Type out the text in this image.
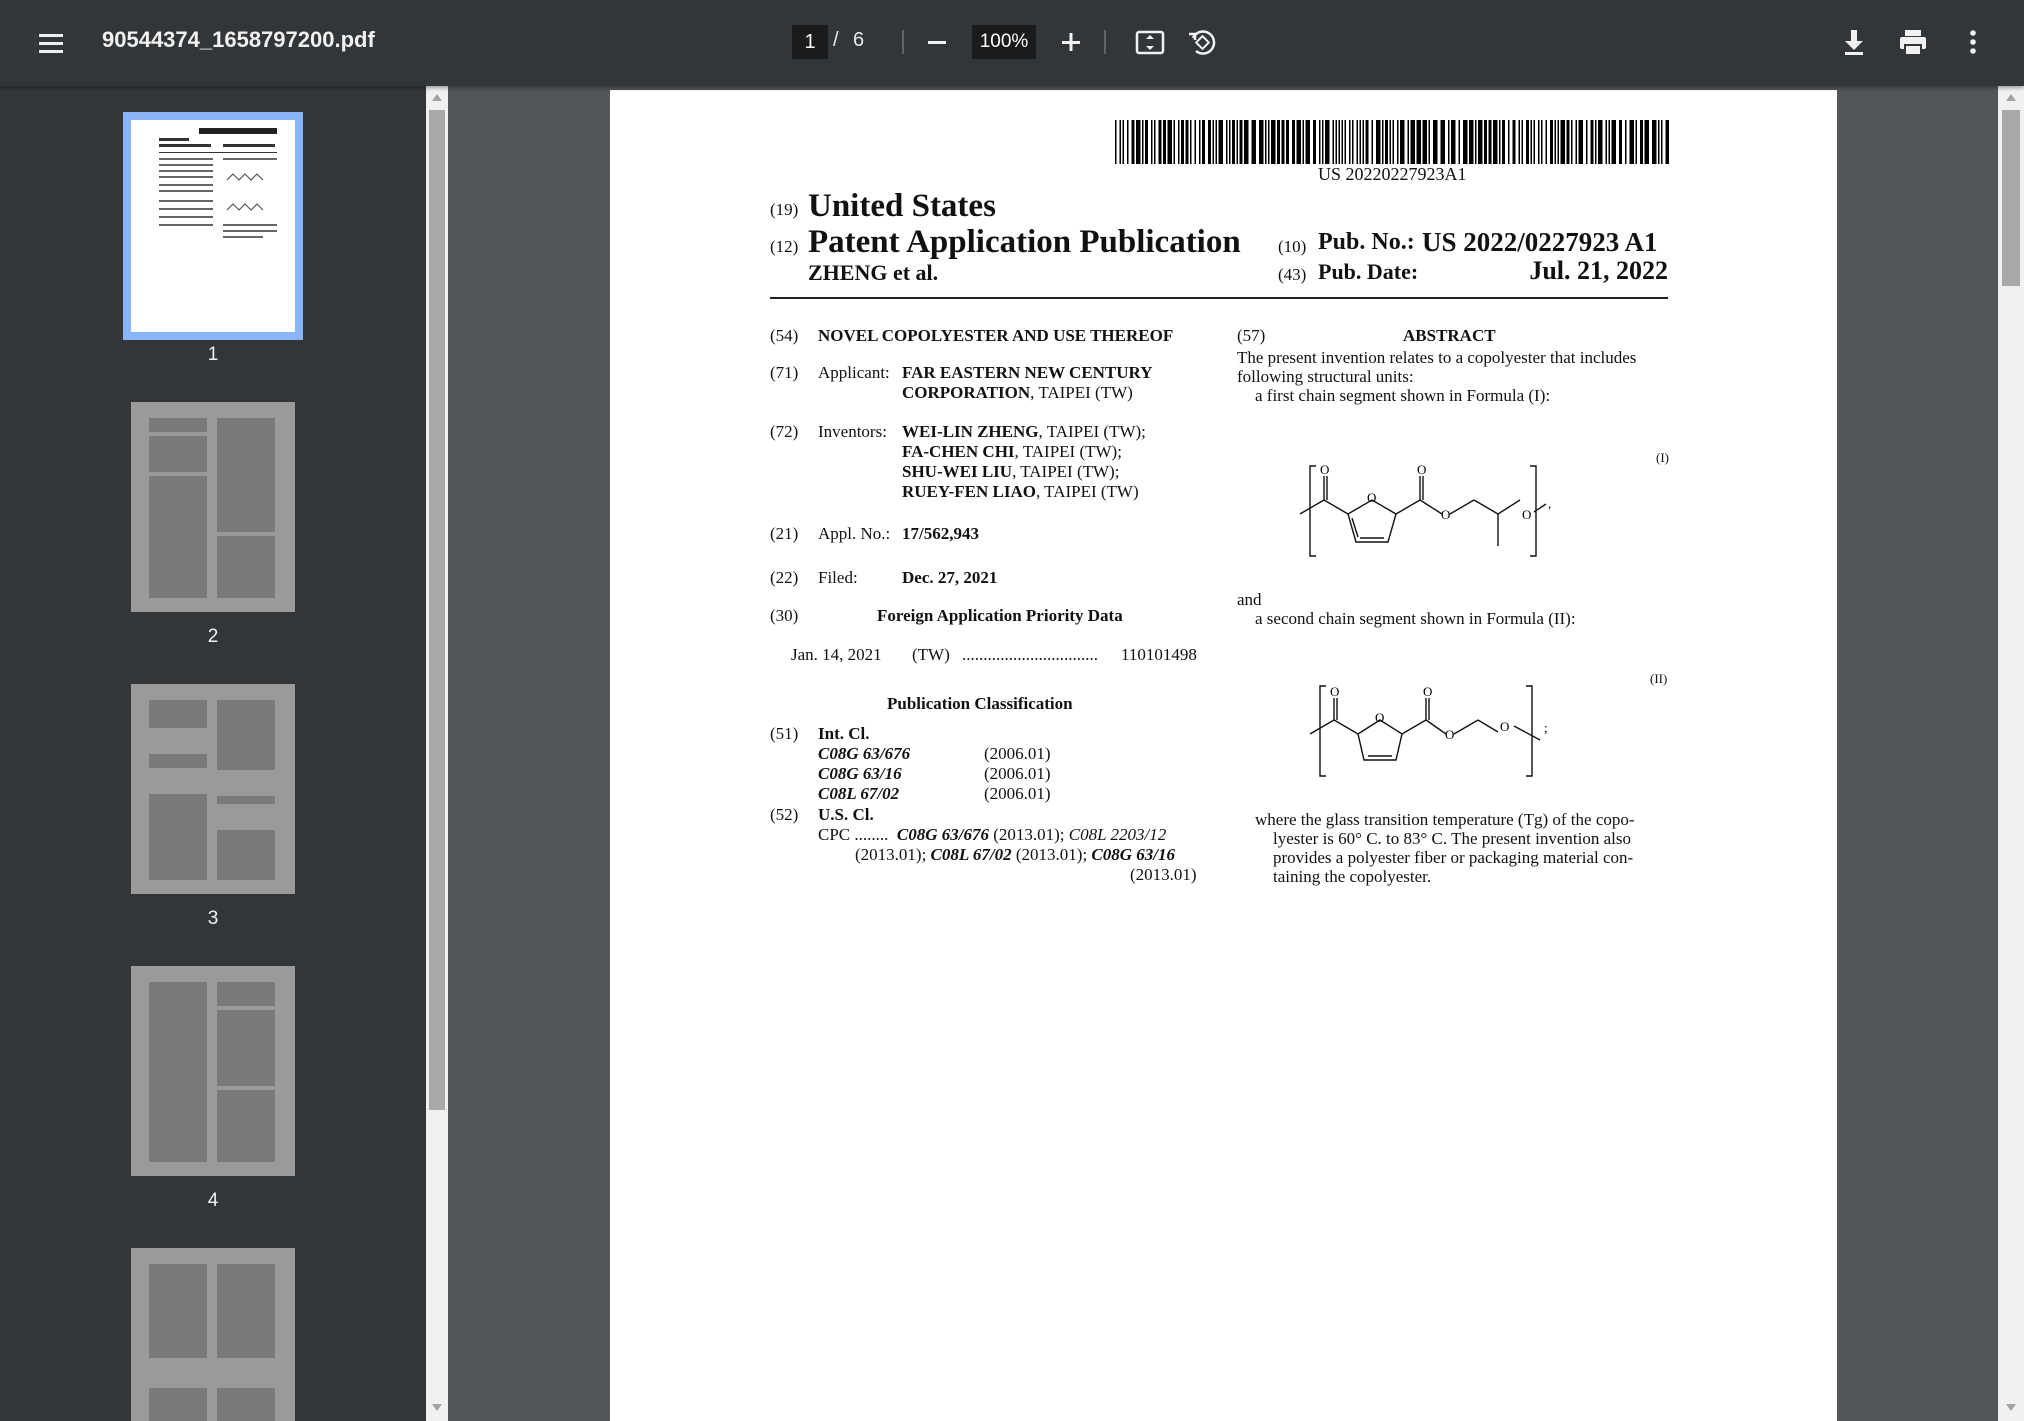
90544374_1658797200.pdf
1	/ 6
100%
1
2
3
4
US 20220227923A1
(19) United States
(12) Patent Application Publication
ZHENG et al.
(10) Pub. No.: US 2022/0227923 A1
(43) Pub. Date:	Jul. 21, 2022
(54) NOVEL COPOLYESTER AND USE THEREOF
(71) Applicant: FAR EASTERN NEW CENTURY
CORPORATION, TAIPEI (TW)
(72) Inventors: WEI-LIN ZHENG, TAIPEI (TW);
FA-CHEN CHI, TAIPEI (TW);
SHU-WEI LIU, TAIPEI (TW);
RUEY-FEN LIAO, TAIPEI (TW)
(21) Appl. No.: 17/562,943
(22) Filed:	Dec. 27, 2021
(30)	Foreign Application Priority Data
Jan. 14, 2021 (TW) ................................ 110101498
Publication Classification
(51) Int. Cl.
C08G 63/676	(2006.01)
C08G 63/16	(2006.01)
C08L 67/02	(2006.01)
(52) U.S. Cl.
CPC ........ C08G 63/676 (2013.01); C08L 2203/12
(2013.01); C08L 67/02 (2013.01); C08G 63/16
(2013.01)
(57)	ABSTRACT
The present invention relates to a copolyester that includes
following structural units:
a first chain segment shown in Formula (I):
(I)
O
O
O
O	O
,
and
a second chain segment shown in Formula (II):
(II)
O
O
O
O
O	;
where the glass transition temperature (Tg) of the copo-
lyester is 60° C. to 83° C. The present invention also
provides a polyester fiber or packaging material con-
taining the copolyester.
